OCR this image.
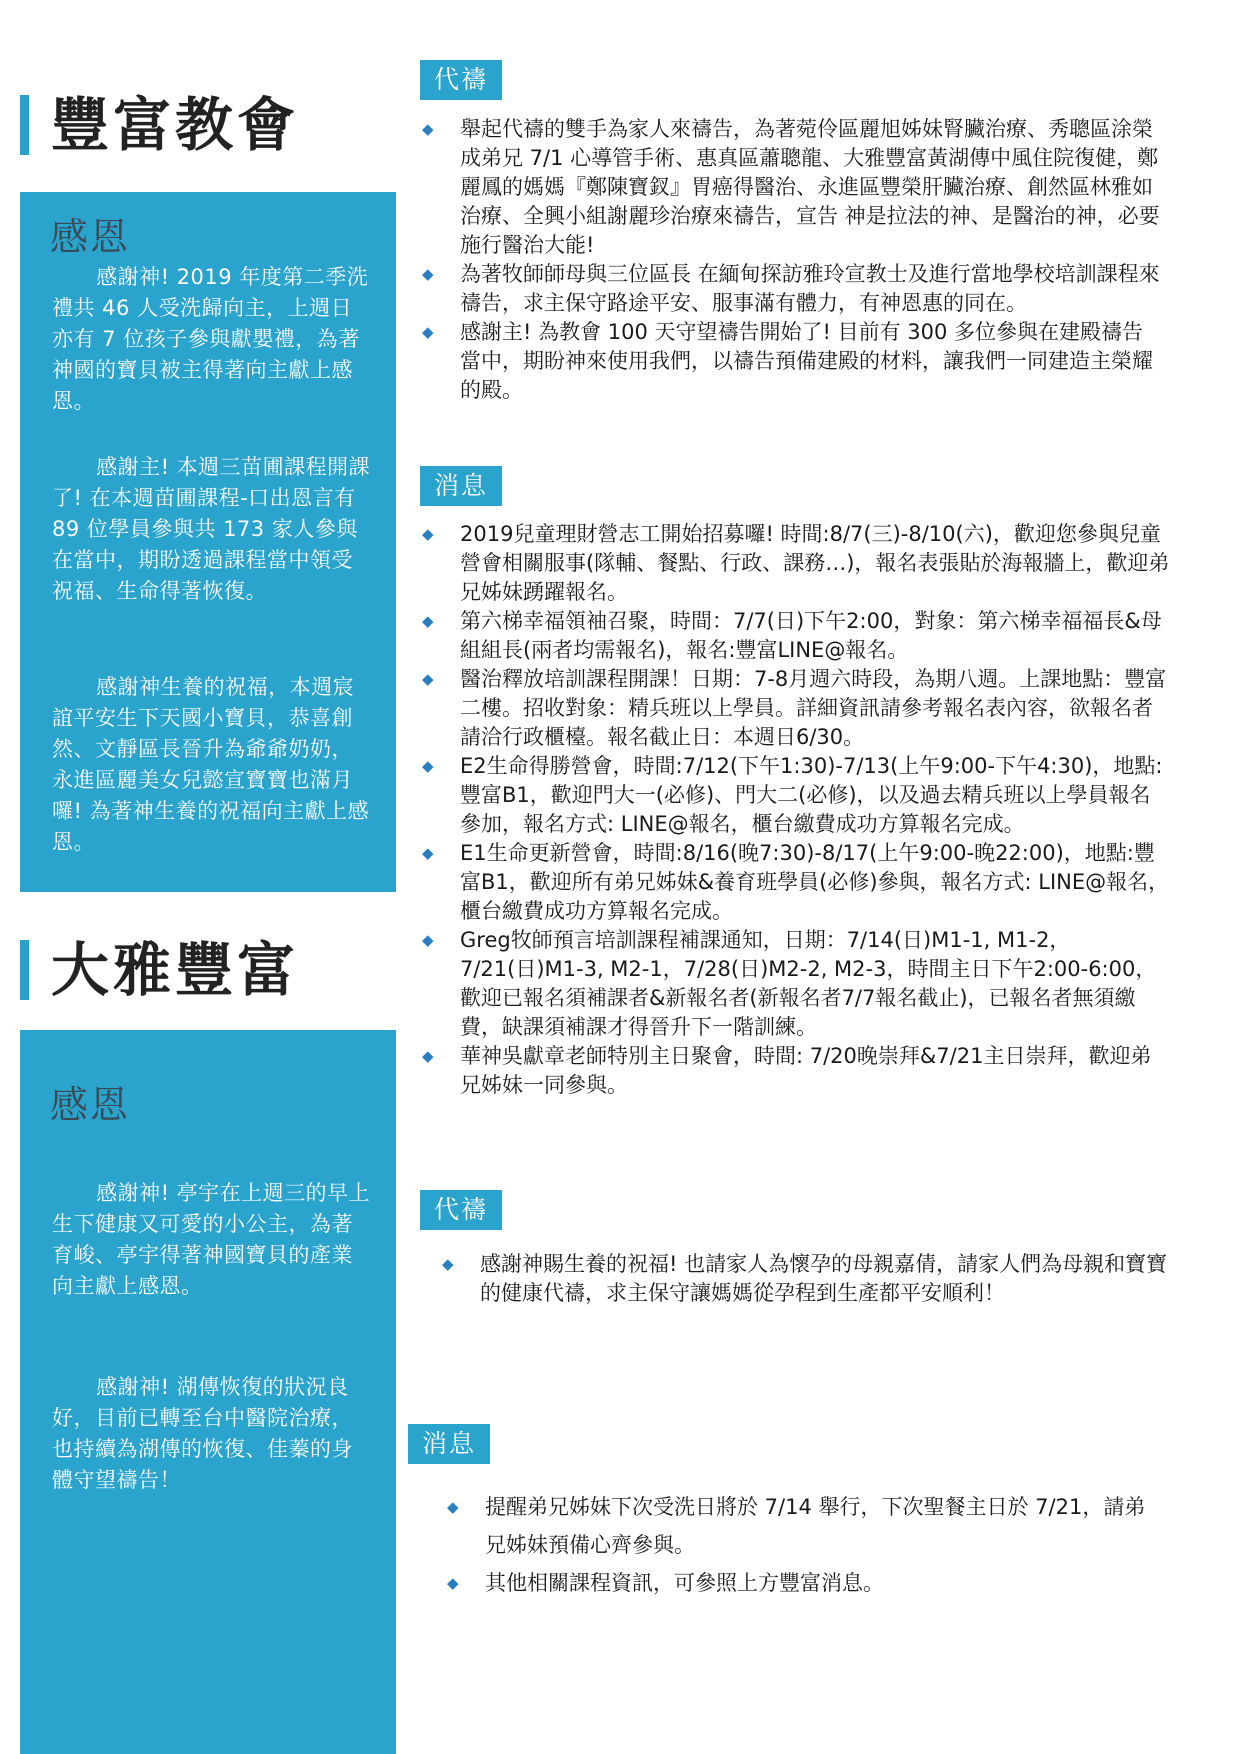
豐富教會
感恩

感謝神! 2019 年度第二季洗禮共 46 人受洗歸向主，上週日亦有 7 位孩子參與獻嬰禮，為著神國的寶貝被主得著向主獻上感恩。

感謝主! 本週三苗圃課程開課了! 在本週苗圃課程-口出恩言有 89 位學員參與共 173 家人參與在當中，期盼透過課程當中領受祝福、生命得著恢復。

感謝神生養的祝福，本週宸誼平安生下天國小寶貝，恭喜創然、文靜區長晉升為爺爺奶奶，永進區麗美女兒懿宣寶寶也滿月囉! 為著神生養的祝福向主獻上感恩。

大雅豐富
感恩

感謝神! 亭宇在上週三的早上生下健康又可愛的小公主，為著育峻、亭宇得著神國寶貝的產業向主獻上感恩。

感謝神! 湖傳恢復的狀況良好，目前已轉至台中醫院治療，也持續為湖傳的恢復、佳蓁的身體守望禱告！

代禱
◆ 舉起代禱的雙手為家人來禱告，為著菀伶區麗旭姊妹腎臟治療、秀聰區涂榮成弟兄 7/1 心導管手術、惠真區蕭聰龍、大雅豐富黃湖傳中風住院復健，鄭麗鳳的媽媽『鄭陳寶釵』胃癌得醫治、永進區豐榮肝臟治療、創然區林雅如治療、全興小組謝麗珍治療來禱告，宣告 神是拉法的神、是醫治的神，必要施行醫治大能!
◆ 為著牧師師母與三位區長 在緬甸探訪雅玲宣教士及進行當地學校培訓課程來禱告，求主保守路途平安、服事滿有體力，有神恩惠的同在。
◆ 感謝主! 為教會 100 天守望禱告開始了! 目前有 300 多位參與在建殿禱告當中，期盼神來使用我們，以禱告預備建殿的材料，讓我們一同建造主榮耀的殿。
消息
◆ 2019兒童理財營志工開始招募囉! 時間:8/7(三)-8/10(六)，歡迎您參與兒童營會相關服事(隊輔、餐點、行政、課務…)，報名表張貼於海報牆上，歡迎弟兄姊妹踴躍報名。
◆ 第六梯幸福領袖召聚，時間：7/7(日)下午2:00，對象：第六梯幸福福長&母組組長(兩者均需報名)，報名:豐富LINE@報名。
◆ 醫治釋放培訓課程開課！日期：7-8月週六時段，為期八週。上課地點：豐富二樓。招收對象：精兵班以上學員。詳細資訊請參考報名表內容，欲報名者請洽行政櫃檯。報名截止日：本週日6/30。
◆ E2生命得勝營會，時間:7/12(下午1:30)-7/13(上午9:00-下午4:30)，地點:豐富B1，歡迎門大一(必修)、門大二(必修)，以及過去精兵班以上學員報名參加，報名方式: LINE@報名，櫃台繳費成功方算報名完成。
◆ E1生命更新營會，時間:8/16(晚7:30)-8/17(上午9:00-晚22:00)，地點:豐富B1，歡迎所有弟兄姊妹&養育班學員(必修)參與，報名方式: LINE@報名，櫃台繳費成功方算報名完成。
◆ Greg牧師預言培訓課程補課通知，日期：7/14(日)M1-1, M1-2，7/21(日)M1-3, M2-1，7/28(日)M2-2, M2-3，時間主日下午2:00-6:00，歡迎已報名須補課者&新報名者(新報名者7/7報名截止)，已報名者無須繳費，缺課須補課才得晉升下一階訓練。
◆ 華神吳獻章老師特別主日聚會，時間: 7/20晚崇拜&7/21主日崇拜，歡迎弟兄姊妹一同參與。
代禱
◆ 感謝神賜生養的祝福! 也請家人為懷孕的母親嘉倩，請家人們為母親和寶寶的健康代禱，求主保守讓媽媽從孕程到生產都平安順利！
消息
◆ 提醒弟兄姊妹下次受洗日將於 7/14 舉行，下次聖餐主日於 7/21，請弟兄姊妹預備心齊參與。
◆ 其他相關課程資訊，可參照上方豐富消息。
